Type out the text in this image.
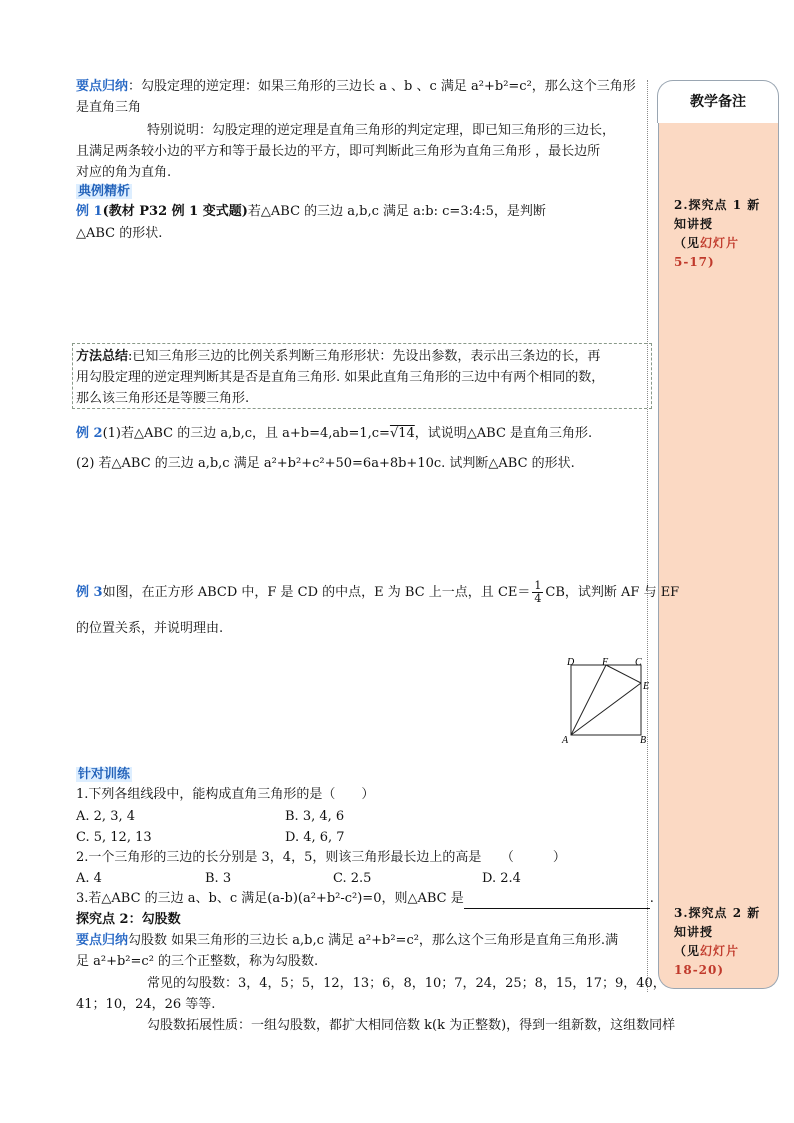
教学备注
2.探究点 1 新知讲授
（见幻灯片
5-17)
3.探究点 2 新知讲授
（见幻灯片
18-20)
要点归纳：勾股定理的逆定理：如果三角形的三边长 a 、b 、c 满足 a²+b²=c²，那么这个三角形
是直角三角
特别说明：勾股定理的逆定理是直角三角形的判定定理，即已知三角形的三边长，
且满足两条较小边的平方和等于最长边的平方，即可判断此三角形为直角三角形 ，最长边所
对应的角为直角.
典例精析
例 1(教材 P32 例 1 变式题)若△ABC 的三边 a,b,c 满足 a:b: c=3:4:5，是判断
△ABC 的形状.
方法总结:已知三角形三边的比例关系判断三角形形状：先设出参数，表示出三条边的长，再
用勾股定理的逆定理判断其是否是直角三角形. 如果此直角三角形的三边中有两个相同的数，
那么该三角形还是等腰三角形.
例 2(1)若△ABC 的三边 a,b,c，且 a+b=4,ab=1,c=√14，试说明△ABC 是直角三角形.
(2) 若△ABC 的三边 a,b,c 满足 a²+b²+c²+50=6a+8b+10c. 试判断△ABC 的形状.
例 3如图，在正方形 ABCD 中，F 是 CD 的中点，E 为 BC 上一点，且 $CE= \frac{1}{4}$ CB，试判断 AF 与 EF
的位置关系，并说明理由.
D	F	C
E
A	B
针对训练
1.下列各组线段中，能构成直角三角形的是（　　）
A. 2, 3, 4	B. 3, 4, 6
C. 5, 12, 13	D. 4, 6, 7
2.一个三角形的三边的长分别是 3，4，5，则该三角形最长边上的高是　　（　　　）
A. 4	B. 3	C. 2.5	D. 2.4
3.若△ABC 的三边 a、b、c 满足(a-b)(a²+b²-c²)=0，则△ABC 是	.
探究点 2：勾股数
要点归纳勾股数 如果三角形的三边长 a,b,c 满足 a²+b²=c²，那么这个三角形是直角三角形.满
足 a²+b²=c² 的三个正整数，称为勾股数.
常见的勾股数：3，4，5；5，12，13；6，8，10；7，24，25；8，15，17；9，40，
41；10，24，26 等等.
勾股数拓展性质：一组勾股数，都扩大相同倍数 k(k 为正整数)，得到一组新数，这组数同样
